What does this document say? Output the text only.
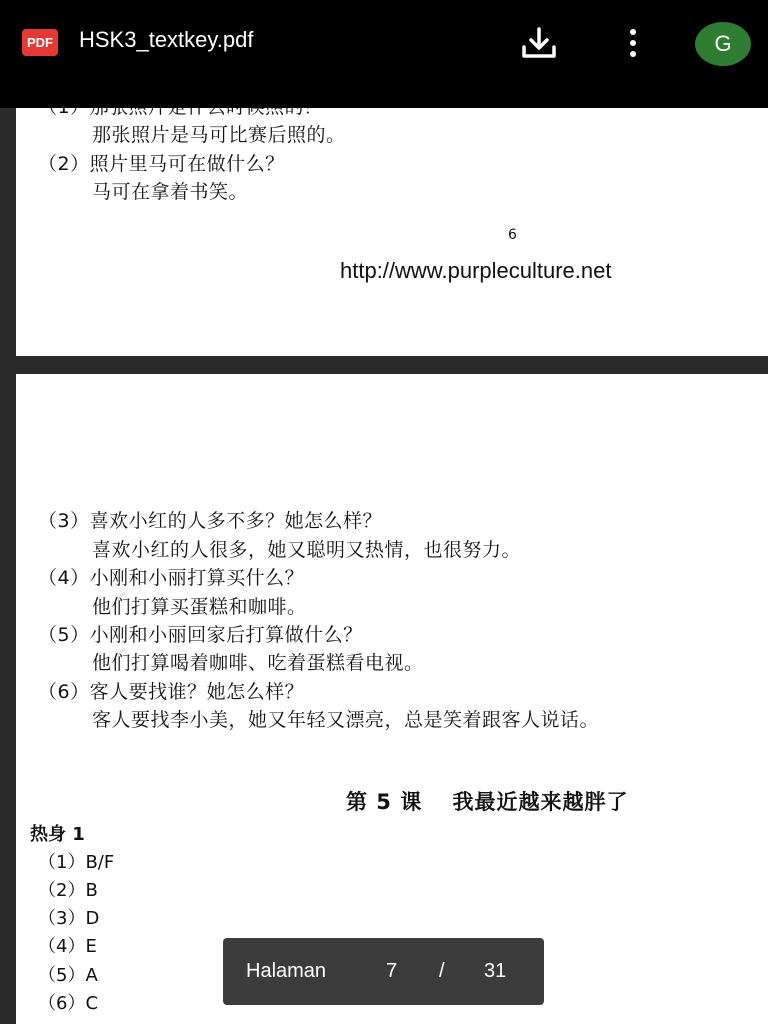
那张照片是马可比赛后照的。
（2）照片里马可在做什么？
马可在拿着书笑。
6
http://www.purpleculture.net
（3）喜欢小红的人多不多？她怎么样？
喜欢小红的人很多，她又聪明又热情，也很努力。
（4）小刚和小丽打算买什么？
他们打算买蛋糕和咖啡。
（5）小刚和小丽回家后打算做什么？
他们打算喝着咖啡、吃着蛋糕看电视。
（6）客人要找谁？她怎么样？
客人要找李小美，她又年轻又漂亮，总是笑着跟客人说话。
第 5 课　 我最近越来越胖了
热身 1
（1）B/F
（2）B
（3）D
（4）E
（5）A
（6）C
PDF HSK3_textkey.pdf	G
Halaman	7 / 31
